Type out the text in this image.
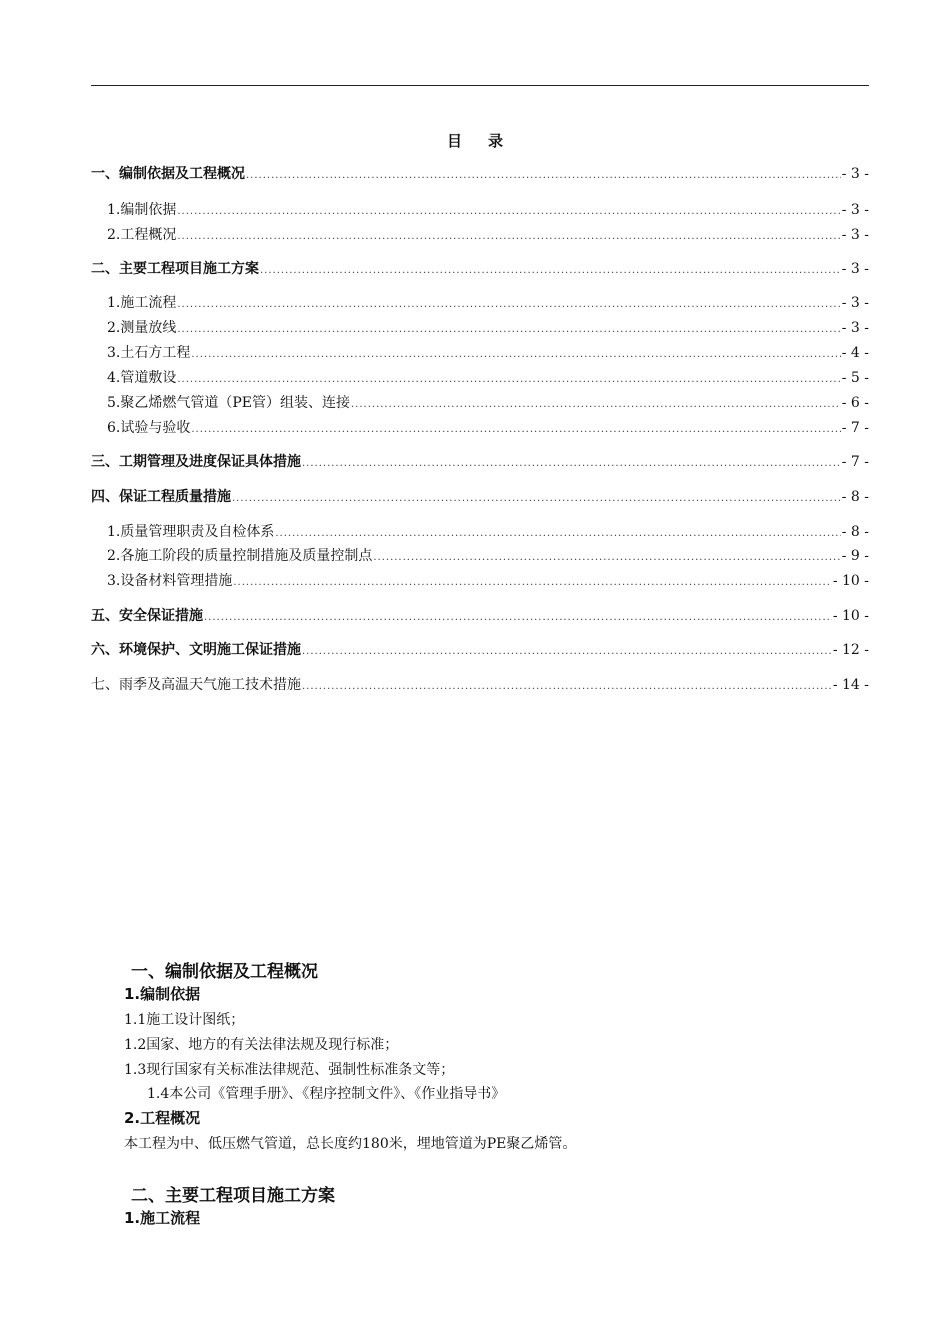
目录
一、编制依据及工程概况 .....	- 3 -
1.编制依据 .....	- 3 -
2.工程概况 .....	- 3 -
二、主要工程项目施工方案 .....	- 3 -
1.施工流程 .....	- 3 -
2.测量放线 .....	- 3 -
3.土石方工程 .....	- 4 -
4.管道敷设 .....	- 5 -
5.聚乙烯燃气管道（PE管）组装、连接 .....	- 6 -
6.试验与验收 .....	- 7 -
三、工期管理及进度保证具体措施 .....	- 7 -
四、保证工程质量措施 .....	- 8 -
1.质量管理职责及自检体系 .....	- 8 -
2.各施工阶段的质量控制措施及质量控制点 .....	- 9 -
3.设备材料管理措施 .....	- 10 -
五、安全保证措施 .....	- 10 -
六、环境保护、文明施工保证措施 .....	- 12 -
七、雨季及高温天气施工技术措施 .....	- 14 -
一、编制依据及工程概况
1.编制依据
1.1施工设计图纸；
1.2国家、地方的有关法律法规及现行标准；
1.3现行国家有关标准法律规范、强制性标准条文等；
1.4本公司《管理手册》、《程序控制文件》、《作业指导书》
2.工程概况
本工程为中、低压燃气管道，总长度约180米，埋地管道为PE聚乙烯管。
二、主要工程项目施工方案
1.施工流程
